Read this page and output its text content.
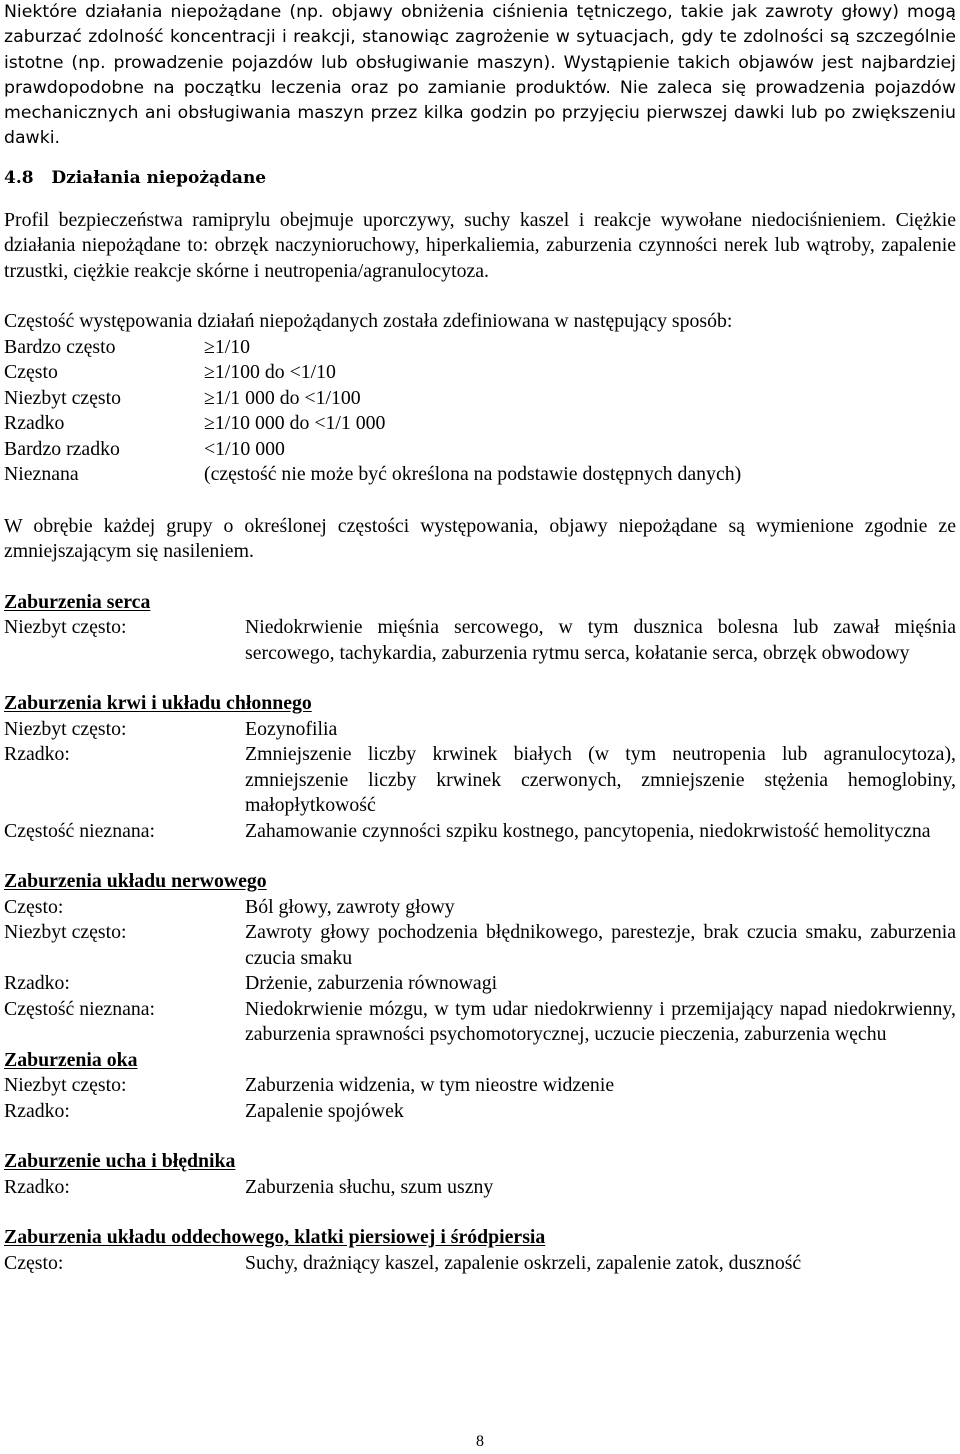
Niektóre działania niepożądane (np. objawy obniżenia ciśnienia tętniczego, takie jak zawroty głowy) mogą zaburzać zdolność koncentracji i reakcji, stanowiąc zagrożenie w sytuacjach, gdy te zdolności są szczególnie istotne (np. prowadzenie pojazdów lub obsługiwanie maszyn). Wystąpienie takich objawów jest najbardziej prawdopodobne na początku leczenia oraz po zamianie produktów. Nie zaleca się prowadzenia pojazdów mechanicznych ani obsługiwania maszyn przez kilka godzin po przyjęciu pierwszej dawki lub po zwiększeniu dawki.

4.8   Działania niepożądane

Profil bezpieczeństwa ramiprylu obejmuje uporczywy, suchy kaszel i reakcje wywołane niedociśnieniem. Ciężkie działania niepożądane to: obrzęk naczynioruchowy, hiperkaliemia, zaburzenia czynności nerek lub wątroby, zapalenie trzustki, ciężkie reakcje skórne i neutropenia/agranulocytoza.

Częstość występowania działań niepożądanych została zdefiniowana w następujący sposób:

Bardzo często	≥1/10
Często	≥1/100 do <1/10
Niezbyt często	≥1/1 000 do <1/100
Rzadko	≥1/10 000 do <1/1 000
Bardzo rzadko	<1/10 000
Nieznana	(częstość nie może być określona na podstawie dostępnych danych)

W obrębie każdej grupy o określonej częstości występowania, objawy niepożądane są wymienione zgodnie ze zmniejszającym się nasileniem.

Zaburzenia serca
Niezbyt często:	Niedokrwienie mięśnia sercowego, w tym dusznica bolesna lub zawał mięśnia sercowego, tachykardia, zaburzenia rytmu serca, kołatanie serca, obrzęk obwodowy
Zaburzenia krwi i układu chłonnego
Niezbyt często:	Eozynofilia
Rzadko:	Zmniejszenie liczby krwinek białych (w tym neutropenia lub agranulocytoza), zmniejszenie liczby krwinek czerwonych, zmniejszenie stężenia hemoglobiny, małopłytkowość
Częstość nieznana:	Zahamowanie czynności szpiku kostnego, pancytopenia, niedokrwistość hemolityczna
Zaburzenia układu nerwowego
Często:	Ból głowy, zawroty głowy
Niezbyt często:	Zawroty głowy pochodzenia błędnikowego, parestezje, brak czucia smaku, zaburzenia czucia smaku
Rzadko:	Drżenie, zaburzenia równowagi
Częstość nieznana:	Niedokrwienie mózgu, w tym udar niedokrwienny i przemijający napad niedokrwienny, zaburzenia sprawności psychomotorycznej, uczucie pieczenia, zaburzenia węchu
Zaburzenia oka
Niezbyt często:	Zaburzenia widzenia, w tym nieostre widzenie
Rzadko:	Zapalenie spojówek
Zaburzenie ucha i błędnika
Rzadko:	Zaburzenia słuchu, szum uszny
Zaburzenia układu oddechowego, klatki piersiowej i śródpiersia
Często:	Suchy, drażniący kaszel, zapalenie oskrzeli, zapalenie zatok, duszność
8
